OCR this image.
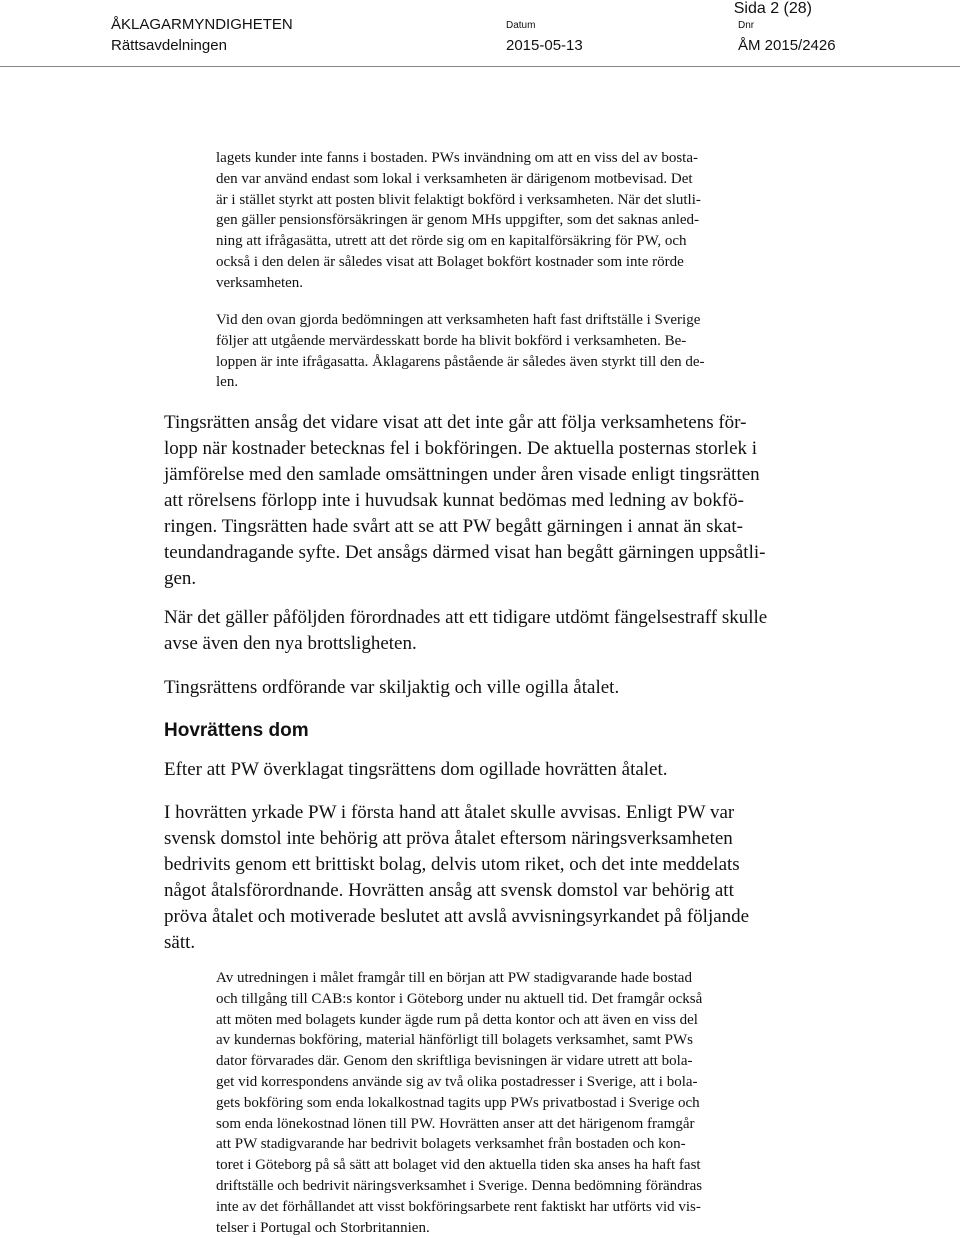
Sida 2 (28)
ÅKLAGARMYNDIGHETEN
Rättsavdelningen
Datum
2015-05-13
Dnr
ÅM 2015/2426

lagets kunder inte fanns i bostaden. PWs invändning om att en viss del av bosta-

den var använd endast som lokal i verksamheten är därigenom motbevisad. Det

är i stället styrkt att posten blivit felaktigt bokförd i verksamheten. När det slutli-

gen gäller pensionsförsäkringen är genom MHs uppgifter, som det saknas anled-

ning att ifrågasätta, utrett att det rörde sig om en kapitalförsäkring för PW, och

också i den delen är således visat att Bolaget bokfört kostnader som inte rörde

verksamheten.

Vid den ovan gjorda bedömningen att verksamheten haft fast driftställe i Sverige

följer att utgående mervärdesskatt borde ha blivit bokförd i verksamheten. Be-

loppen är inte ifrågasatta. Åklagarens påstående är således även styrkt till den de-

len.

Tingsrätten ansåg det vidare visat att det inte går att följa verksamhetens för-

lopp när kostnader betecknas fel i bokföringen. De aktuella posternas storlek i

jämförelse med den samlade omsättningen under åren visade enligt tingsrätten

att rörelsens förlopp inte i huvudsak kunnat bedömas med ledning av bokfö-

ringen. Tingsrätten hade svårt att se att PW begått gärningen i annat än skat-

teundandragande syfte. Det ansågs därmed visat han begått gärningen uppsåtli-

gen.

När det gäller påföljden förordnades att ett tidigare utdömt fängelsestraff skulle

avse även den nya brottsligheten.

Tingsrättens ordförande var skiljaktig och ville ogilla åtalet.

Hovrättens dom

Efter att PW överklagat tingsrättens dom ogillade hovrätten åtalet.

I hovrätten yrkade PW i första hand att åtalet skulle avvisas. Enligt PW var

svensk domstol inte behörig att pröva åtalet eftersom näringsverksamheten

bedrivits genom ett brittiskt bolag, delvis utom riket, och det inte meddelats

något åtalsförordnande. Hovrätten ansåg att svensk domstol var behörig att

pröva åtalet och motiverade beslutet att avslå avvisningsyrkandet på följande

sätt.

Av utredningen i målet framgår till en början att PW stadigvarande hade bostad

och tillgång till CAB:s kontor i Göteborg under nu aktuell tid. Det framgår också

att möten med bolagets kunder ägde rum på detta kontor och att även en viss del

av kundernas bokföring, material hänförligt till bolagets verksamhet, samt PWs

dator förvarades där. Genom den skriftliga bevisningen är vidare utrett att bola-

get vid korrespondens använde sig av två olika postadresser i Sverige, att i bola-

gets bokföring som enda lokalkostnad tagits upp PWs privatbostad i Sverige och

som enda lönekostnad lönen till PW. Hovrätten anser att det härigenom framgår

att PW stadigvarande har bedrivit bolagets verksamhet från bostaden och kon-

toret i Göteborg på så sätt att bolaget vid den aktuella tiden ska anses ha haft fast

driftställe och bedrivit näringsverksamhet i Sverige. Denna bedömning förändras

inte av det förhållandet att visst bokföringsarbete rent faktiskt har utförts vid vis-

telser i Portugal och Storbritannien.
